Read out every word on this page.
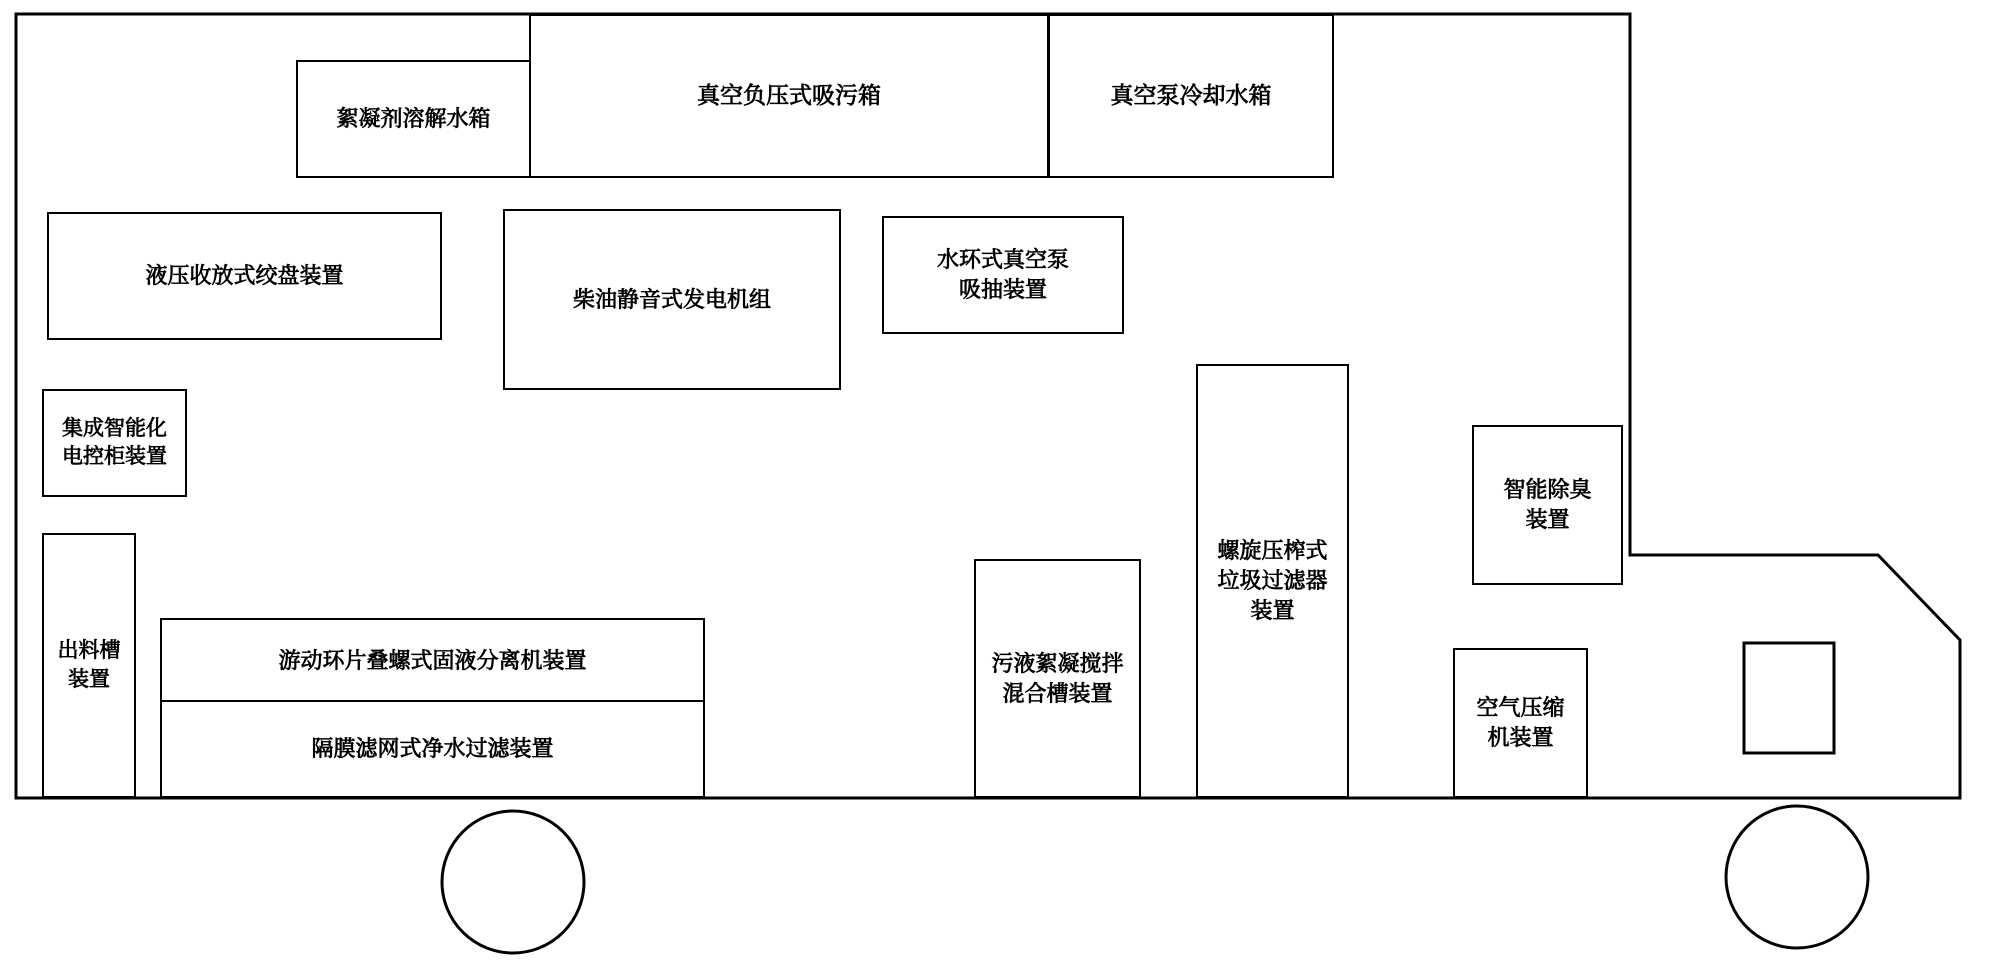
絮凝剂溶解水箱
真空负压式吸污箱	真空泵冷却水箱
液压收放式绞盘装置
柴油静音式发电机组
水环式真空泵
吸抽装置
集成智能化
电控柜装置
出料槽
装置
游动环片叠螺式固液分离机装置
隔膜滤网式净水过滤装置
污液絮凝搅拌
混合槽装置
螺旋压榨式
垃圾过滤器
装置
智能除臭
装置
空气压缩
机装置
